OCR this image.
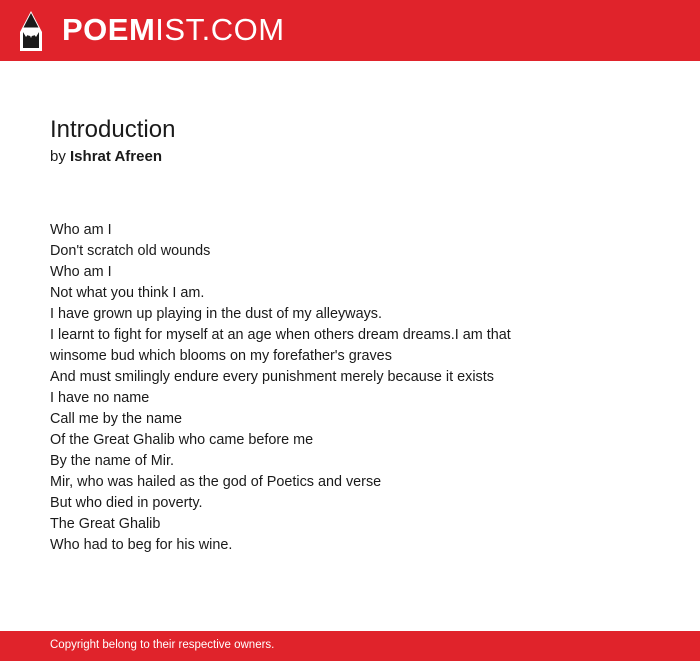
POEMIST.COM
Introduction

by Ishrat Afreen

Who am I
Don't scratch old wounds
Who am I
Not what you think I am.
I have grown up playing in the dust of my alleyways.
I learnt to fight for myself at an age when others dream dreams.I am that winsome bud which blooms on my forefather's graves
And must smilingly endure every punishment merely because it exists
I have no name
Call me by the name
Of the Great Ghalib who came before me
By the name of Mir.
Mir, who was hailed as the god of Poetics and verse
But who died in poverty.
The Great Ghalib
Who had to beg for his wine.
Copyright belong to their respective owners.
